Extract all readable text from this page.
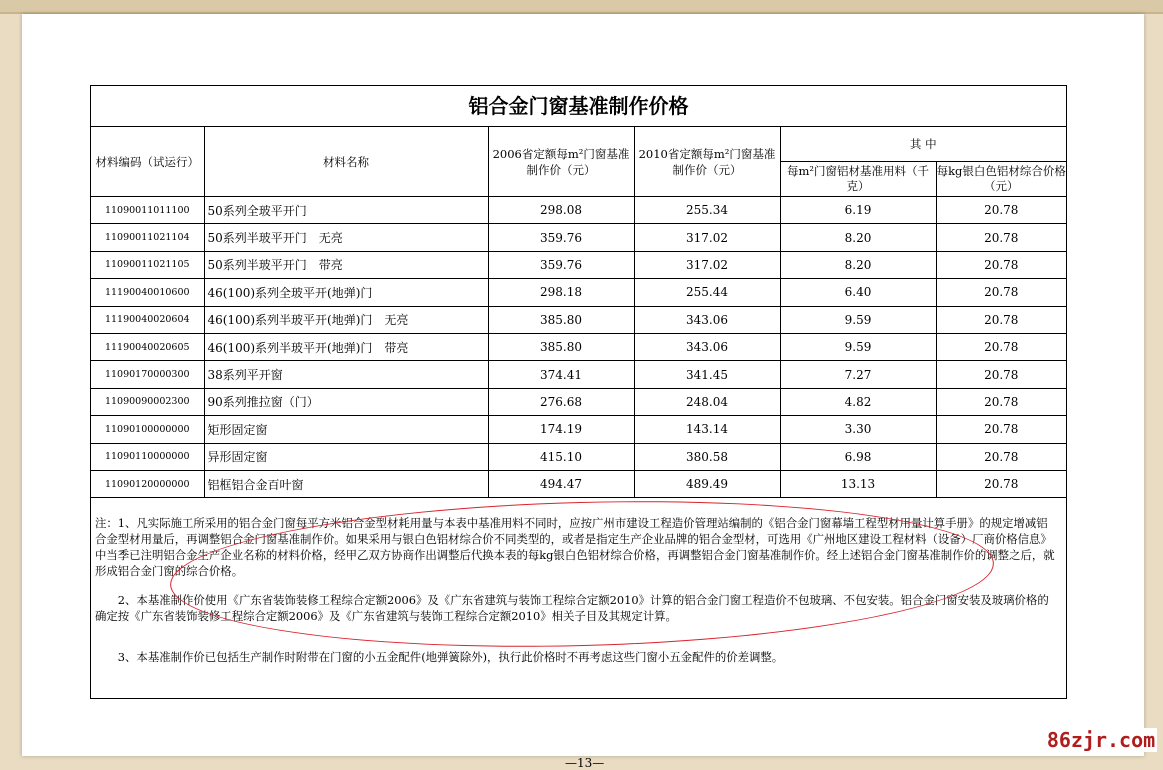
铝合金门窗基准制作价格
材料编码（试运行）	材料名称	2006省定额每m²门窗基准制作价（元）	2010省定额每m²门窗基准制作价（元）	其 中	
				每m²门窗铝材基准用料（千克）	每kg银白色铝材综合价格（元）
11090011011100	50系列全玻平开门	298.08	255.34	6.19	20.78
11090011021104	50系列半玻平开门　无亮	359.76	317.02	8.20	20.78
11090011021105	50系列半玻平开门　带亮	359.76	317.02	8.20	20.78
11190040010600	46(100)系列全玻平开(地弹)门	298.18	255.44	6.40	20.78
11190040020604	46(100)系列半玻平开(地弹)门　无亮	385.80	343.06	9.59	20.78
11190040020605	46(100)系列半玻平开(地弹)门　带亮	385.80	343.06	9.59	20.78
11090170000300	38系列平开窗	374.41	341.45	7.27	20.78
11090090002300	90系列推拉窗（门）	276.68	248.04	4.82	20.78
11090100000000	矩形固定窗	174.19	143.14	3.30	20.78
11090110000000	异形固定窗	415.10	380.58	6.98	20.78
11090120000000	铝框铝合金百叶窗	494.47	489.49	13.13	20.78

注：1、凡实际施工所采用的铝合金门窗每平方米铝合金型材耗用量与本表中基准用料不同时，应按广州市建设工程造价管理站编制的《铝合金门窗幕墙工程型材用量计算手册》的规定增减铝合金型材用量后，再调整铝合金门窗基准制作价。如果采用与银白色铝材综合价不同类型的，或者是指定生产企业品牌的铝合金型材，可选用《广州地区建设工程材料（设备）厂商价格信息》中当季已注明铝合金生产企业名称的材料价格，经甲乙双方协商作出调整后代换本表的每kg银白色铝材综合价格，再调整铝合金门窗基准制作价。经上述铝合金门窗基准制作价的调整之后，就形成铝合金门窗的综合价格。

2、本基准制作价使用《广东省装饰装修工程综合定额2006》及《广东省建筑与装饰工程综合定额2010》计算的铝合金门窗工程造价不包玻璃、不包安装。铝合金门窗安装及玻璃价格的确定按《广东省装饰装修工程综合定额2006》及《广东省建筑与装饰工程综合定额2010》相关子目及其规定计算。

3、本基准制作价已包括生产制作时附带在门窗的小五金配件(地弹簧除外)，执行此价格时不再考虑这些门窗小五金配件的价差调整。

—13—
86zjr.com
